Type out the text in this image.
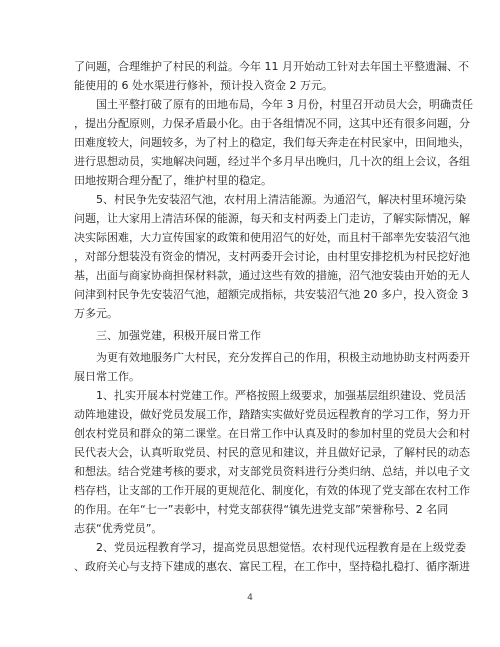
了问题，合理维护了村民的利益。今年 11 月开始动工针对去年国土平整遗漏、不
能使用的 6 处水渠进行修补，预计投入资金 2 万元。
国土平整打破了原有的田地布局，今年 3 月份，村里召开动员大会，明确责任
，提出分配原则，力保矛盾最小化。由于各组情况不同，这其中还有很多问题，分
田难度较大，问题较多，为了村上的稳定，我们每天奔走在村民家中，田间地头，
进行思想动员，实地解决问题，经过半个多月早出晚归，几十次的组上会议，各组
田地按期合理分配了，维护村里的稳定。
5、村民争先安装沼气池，农村用上清洁能源。为通沼气，解决村里环境污染
问题，让大家用上清洁环保的能源，每天和支村两委上门走访，了解实际情况，解
决实际困难，大力宣传国家的政策和使用沼气的好处，而且村干部率先安装沼气池
，对部分想装没有资金的情况，支村两委开会讨论，由村里安排挖机为村民挖好池
基，出面与商家协商担保材料款，通过这些有效的措施，沼气池安装由开始的无人
问津到村民争先安装沼气池，超额完成指标，共安装沼气池 20 多户，投入资金 3
万多元。
三、加强党建，积极开展日常工作
为更有效地服务广大村民，充分发挥自己的作用，积极主动地协助支村两委开
展日常工作。
1、扎实开展本村党建工作。严格按照上级要求，加强基层组织建设、党员活
动阵地建设，做好党员发展工作，踏踏实实做好党员远程教育的学习工作，努力开
创农村党员和群众的第二课堂。在日常工作中认真及时的参加村里的党员大会和村
民代表大会，认真听取党员、村民的意见和建议，并且做好记录，了解村民的动态
和想法。结合党建考核的要求，对支部党员资料进行分类归纳、总结，并以电子文
档存档，让支部的工作开展的更规范化、制度化，有效的体现了党支部在农村工作
的作用。在年“七一”表彰中，村党支部获得“镇先进党支部”荣誉称号、2 名同
志获“优秀党员”。
2、党员远程教育学习，提高党员思想觉悟。农村现代远程教育是在上级党委
、政府关心与支持下建成的惠农、富民工程，在工作中，坚持稳扎稳打、循序渐进
4
